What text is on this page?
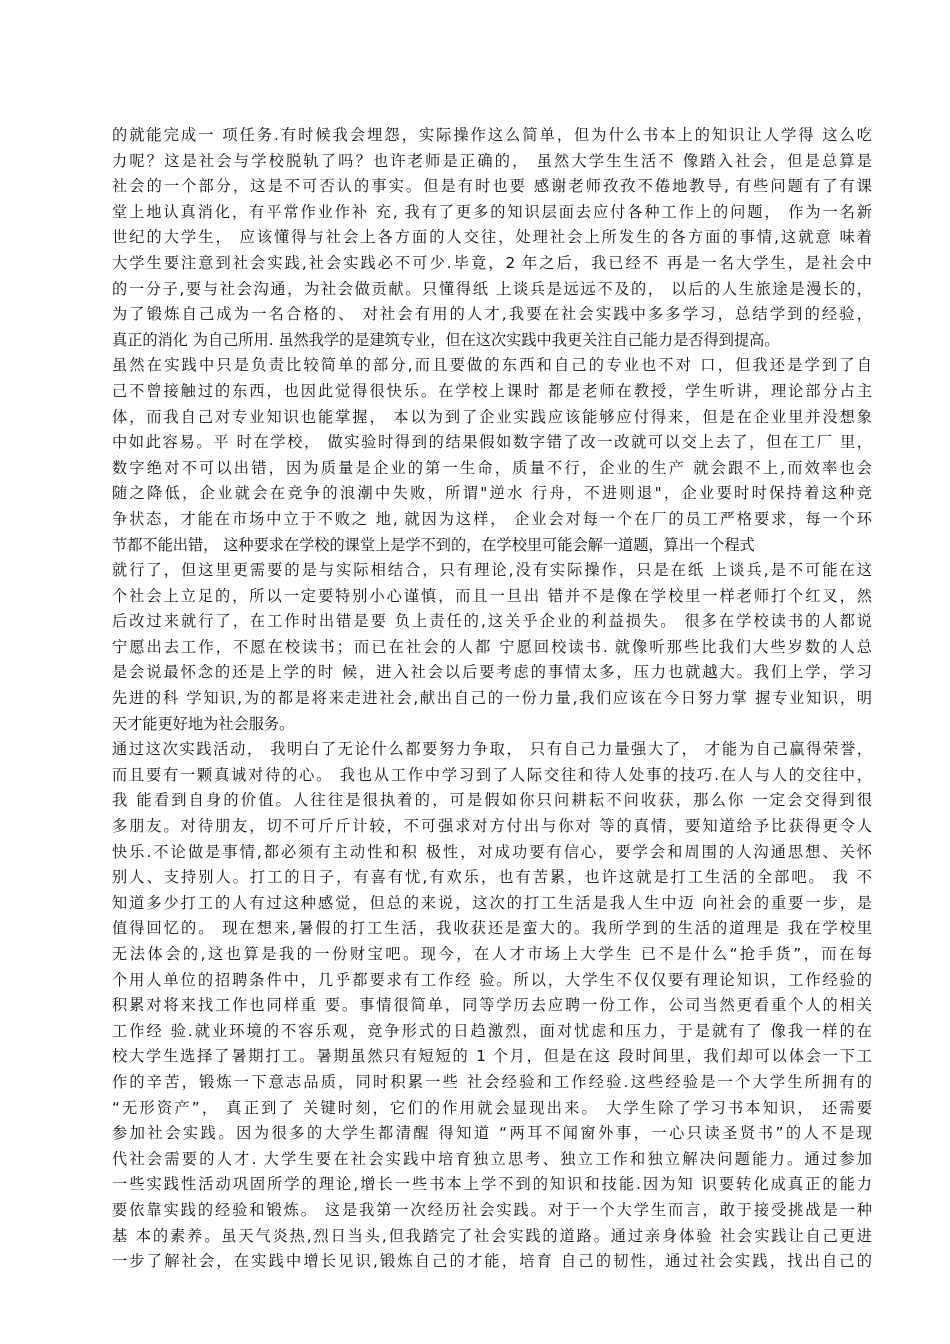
的就能完成一 项任务.有时候我会埋怨，实际操作这么简单，但为什么书本上的知识让人学得 这么吃
力呢？这是社会与学校脱轨了吗？也许老师是正确的， 虽然大学生生活不 像踏入社会，但是总算是
社会的一个部分，这是不可否认的事实。但是有时也要 感谢老师孜孜不倦地教导, 有些问题有了有课
堂上地认真消化，有平常作业作补 充, 我有了更多的知识层面去应付各种工作上的问题， 作为一名新
世纪的大学生， 应该懂得与社会上各方面的人交往，处理社会上所发生的各方面的事情,这就意 味着
大学生要注意到社会实践,社会实践必不可少.毕竟，2 年之后，我已经不 再是一名大学生，是社会中
的一分子,要与社会沟通，为社会做贡献。只懂得纸 上谈兵是远远不及的， 以后的人生旅途是漫长的，
为了锻炼自己成为一名合格的、 对社会有用的人才,我要在社会实践中多多学习，总结学到的经验，
真正的消化 为自己所用. 虽然我学的是建筑专业，但在这次实践中我更关注自己能力是否得到提高。
虽然在实践中只是负责比较简单的部分,而且要做的东西和自己的专业也不对 口，但我还是学到了自
己不曾接触过的东西，也因此觉得很快乐。在学校上课时 都是老师在教授，学生听讲，理论部分占主
体，而我自己对专业知识也能掌握， 本以为到了企业实践应该能够应付得来，但是在企业里并没想象
中如此容易。平 时在学校， 做实验时得到的结果假如数字错了改一改就可以交上去了，但在工厂 里，
数字绝对不可以出错，因为质量是企业的第一生命，质量不行，企业的生产 就会跟不上,而效率也会
随之降低，企业就会在竞争的浪潮中失败，所谓"逆水 行舟，不进则退"，企业要时时保持着这种竞
争状态，才能在市场中立于不败之 地, 就因为这样， 企业会对每一个在厂的员工严格要求，每一个环
节都不能出错， 这种要求在学校的课堂上是学不到的，在学校里可能会解一道题，算出一个程式
就行了，但这里更需要的是与实际相结合，只有理论,没有实际操作，只是在纸 上谈兵,是不可能在这
个社会上立足的，所以一定要特别小心谨慎，而且一旦出 错并不是像在学校里一样老师打个红叉，然
后改过来就行了，在工作时出错是要 负上责任的,这关乎企业的利益损失。 很多在学校读书的人都说
宁愿出去工作，不愿在校读书；而已在社会的人都 宁愿回校读书. 就像听那些比我们大些岁数的人总
是会说最怀念的还是上学的时 候，进入社会以后要考虑的事情太多，压力也就越大。我们上学，学习
先进的科 学知识,为的都是将来走进社会,献出自己的一份力量,我们应该在今日努力掌 握专业知识，明
天才能更好地为社会服务。
通过这次实践活动， 我明白了无论什么都要努力争取， 只有自己力量强大了， 才能为自己赢得荣誉，
而且要有一颗真诚对待的心。 我也从工作中学习到了人际交往和待人处事的技巧.在人与人的交往中，
我 能看到自身的价值。人往往是很执着的，可是假如你只问耕耘不问收获，那么你 一定会交得到很
多朋友。对待朋友，切不可斤斤计较，不可强求对方付出与你对 等的真情，要知道给予比获得更令人
快乐.不论做是事情,都必须有主动性和积 极性，对成功要有信心，要学会和周围的人沟通思想、关怀
别人、支持别人。打工的日子，有喜有忧,有欢乐，也有苦累，也许这就是打工生活的全部吧。 我 不
知道多少打工的人有过这种感觉，但总的来说，这次的打工生活是我人生中迈 向社会的重要一步，是
值得回忆的。 现在想来,暑假的打工生活，我收获还是蛮大的。我所学到的生活的道理是 我在学校里
无法体会的,这也算是我的一份财宝吧。现今，在人才市场上大学生 已不是什么“抢手货”，而在每
个用人单位的招聘条件中，几乎都要求有工作经 验。所以，大学生不仅仅要有理论知识，工作经验的
积累对将来找工作也同样重 要。事情很简单，同等学历去应聘一份工作，公司当然更看重个人的相关
工作经 验.就业环境的不容乐观，竞争形式的日趋激烈，面对忧虑和压力，于是就有了 像我一样的在
校大学生选择了暑期打工。暑期虽然只有短短的 1 个月，但是在这 段时间里，我们却可以体会一下工
作的辛苦，锻炼一下意志品质，同时积累一些 社会经验和工作经验.这些经验是一个大学生所拥有的
“无形资产”， 真正到了 关键时刻，它们的作用就会显现出来。 大学生除了学习书本知识， 还需要
参加社会实践。因为很多的大学生都清醒 得知道 “两耳不闻窗外事，一心只读圣贤书”的人不是现
代社会需要的人才. 大学生要在社会实践中培育独立思考、独立工作和独立解决问题能力。通过参加
一些实践性活动巩固所学的理论,增长一些书本上学不到的知识和技能.因为知 识要转化成真正的能力
要依靠实践的经验和锻炼。 这是我第一次经历社会实践。对于一个大学生而言，敢于接受挑战是一种
基 本的素养。虽天气炎热,烈日当头,但我踏完了社会实践的道路。通过亲身体验 社会实践让自己更进
一步了解社会，在实践中增长见识,锻炼自己的才能，培育 自己的韧性，通过社会实践，找出自己的
